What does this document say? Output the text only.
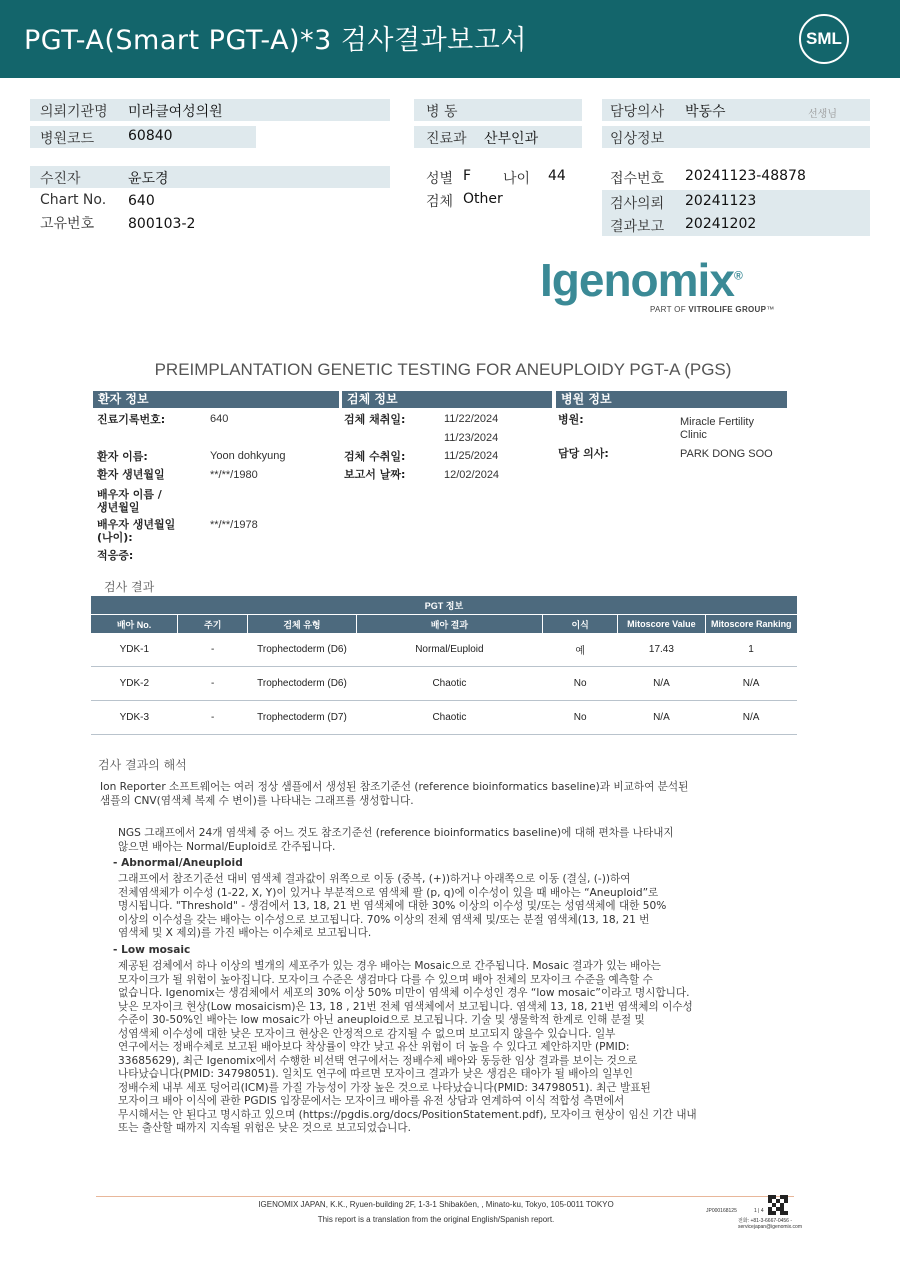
PGT-A(Smart PGT-A)*3 검사결과보고서	SML
의뢰기관명 미라클여성의원
병원코드 60840
병 동
진료과 산부인과
담당의사 박동수	선생님
임상정보
수진자	윤도경
Chart No. 640
고유번호 800103-2
성별 F 나이 44
검체 Other
접수번호 20241123-48878
검사의뢰 20241123
결과보고 20241202
Igenomix®
PART OF VITROLIFE GROUP™
PREIMPLANTATION GENETIC TESTING FOR ANEUPLOIDY PGT-A (PGS)
환자 정보	검체 정보	병원 정보
진료기록번호:	640
환자 이름:	Yoon dohkyung
환자 생년월일	**/**/1980
배우자 이름 /
생년월일
배우자 생년월일
(나이):
**/**/1978
적응증:
검체 채취일:	11/22/2024
11/23/2024
검체 수취일:	11/25/2024
보고서 날짜:	12/02/2024
병원:	Miracle Fertility
Clinic
담당 의사:	PARK DONG SOO
검사 결과
PGT 정보						
배아 No.	주기	검체 유형	배아 결과	이식	Mitoscore Value	Mitoscore Ranking
YDK-1	-	Trophectoderm (D6)	Normal/Euploid	예	17.43	1
YDK-2	-	Trophectoderm (D6)	Chaotic	No	N/A	N/A
YDK-3	-	Trophectoderm (D7)	Chaotic	No	N/A	N/A
검사 결과의 해석
Ion Reporter 소프트웨어는 여러 정상 샘플에서 생성된 참조기준선 (reference bioinformatics baseline)과 비교하여 분석된
샘플의 CNV(염색체 복제 수 변이)를 나타내는 그래프를 생성합니다.
NGS 그래프에서 24개 염색체 중 어느 것도 참조기준선 (reference bioinformatics baseline)에 대해 편차를 나타내지
않으면 배아는 Normal/Euploid로 간주됩니다.
- Abnormal/Aneuploid
그래프에서 참조기준선 대비 염색체 결과값이 위쪽으로 이동 (중복, (+))하거나 아래쪽으로 이동 (결실, (-))하여
전체염색체가 이수성 (1-22, X, Y)이 있거나 부분적으로 염색체 팔 (p, q)에 이수성이 있을 때 배아는 “Aneuploid”로
명시됩니다. "Threshold" - 생검에서 13, 18, 21 번 염색체에 대한 30% 이상의 이수성 및/또는 성염색체에 대한 50%
이상의 이수성을 갖는 배아는 이수성으로 보고됩니다. 70% 이상의 전체 염색체 및/또는 분절 염색체(13, 18, 21 번
염색체 및 X 제외)를 가진 배아는 이수체로 보고됩니다.
- Low mosaic
제공된 검체에서 하나 이상의 별개의 세포주가 있는 경우 배아는 Mosaic으로 간주됩니다. Mosaic 결과가 있는 배아는
모자이크가 될 위험이 높아집니다. 모자이크 수준은 생검마다 다를 수 있으며 배아 전체의 모자이크 수준을 예측할 수
없습니다. Igenomix는 생검체에서 세포의 30% 이상 50% 미만이 염색체 이수성인 경우 “low mosaic”이라고 명시합니다.
낮은 모자이크 현상(Low mosaicism)은 13, 18 , 21번 전체 염색체에서 보고됩니다. 염색체 13, 18, 21번 염색체의 이수성
수준이 30-50%인 배아는 low mosaic가 아닌 aneuploid으로 보고됩니다. 기술 및 생물학적 한계로 인해 분절 및
성염색체 이수성에 대한 낮은 모자이크 현상은 안정적으로 감지될 수 없으며 보고되지 않을수 있습니다. 일부
연구에서는 정배수체로 보고된 배아보다 착상률이 약간 낮고 유산 위험이 더 높을 수 있다고 제안하지만 (PMID:
33685629), 최근 Igenomix에서 수행한 비선택 연구에서는 정배수체 배아와 동등한 임상 결과를 보이는 것으로
나타났습니다(PMID: 34798051). 일치도 연구에 따르면 모자이크 결과가 낮은 생검은 태아가 될 배아의 일부인
정배수체 내부 세포 덩어리(ICM)를 가질 가능성이 가장 높은 것으로 나타났습니다(PMID: 34798051). 최근 발표된
모자이크 배아 이식에 관한 PGDIS 입장문에서는 모자이크 배아를 유전 상담과 연계하여 이식 적합성 측면에서
무시해서는 안 된다고 명시하고 있으며 (https://pgdis.org/docs/PositionStatement.pdf), 모자이크 현상이 임신 기간 내내
또는 출산할 때까지 지속될 위험은 낮은 것으로 보고되었습니다.
IGENOMIX JAPAN, K.K., Ryuen-building 2F, 1-3-1 Shibakōen, , Minato-ku, Tokyo, 105-0011 TOKYO
This report is a translation from the original English/Spanish report.
JP000168125	1 | 4
전화: +81-3-6667-0456 -
servicejapan@igenomix.com
